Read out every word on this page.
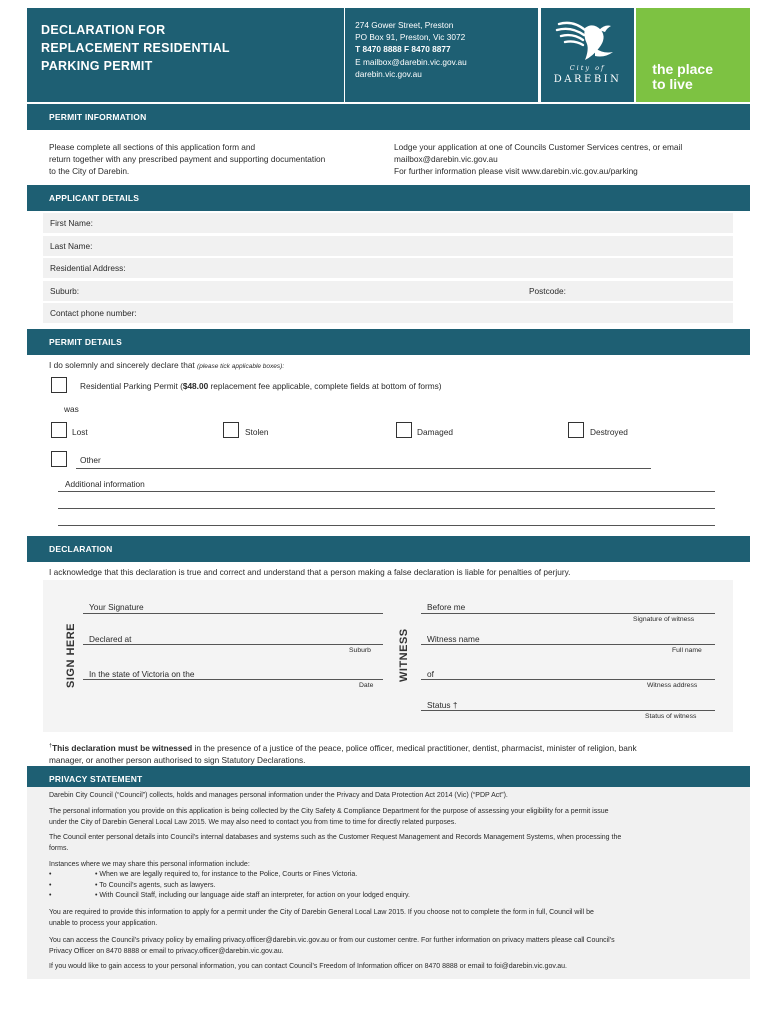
DECLARATION FOR
REPLACEMENT RESIDENTIAL
PARKING PERMIT
274 Gower Street, Preston
PO Box 91, Preston, Vic 3072
T 8470 8888 F 8470 8877
E mailbox@darebin.vic.gov.au
darebin.vic.gov.au
City of
DAREBIN
the place
to live
PERMIT INFORMATION
Please complete all sections of this application form and
return together with any prescribed payment and supporting documentation
to the City of Darebin.
Lodge your application at one of Councils Customer Services centres, or email
mailbox@darebin.vic.gov.au
For further information please visit www.darebin.vic.gov.au/parking
APPLICANT DETAILS
First Name:
Last Name:
Residential Address:
Suburb:	Postcode:
Contact phone number:
PERMIT DETAILS
I do solemnly and sincerely declare that (please tick applicable boxes):
Residential Parking Permit ($48.00 replacement fee applicable, complete fields at bottom of forms)
was
Lost	Stolen	Damaged	Destroyed
Other
Additional information
DECLARATION
I acknowledge that this declaration is true and correct and understand that a person making a false declaration is liable for penalties of perjury.
SIGN HERE	WITNESS
Your Signature
Declared at
Suburb
In the state of Victoria on the
Date
Before me
Signature of witness
Witness name
Full name
of
Witness address
Status †
Status of witness
†This declaration must be witnessed in the presence of a justice of the peace, police officer, medical practitioner, dentist, pharmacist, minister of religion, bank
manager, or another person authorised to sign Statutory Declarations.
PRIVACY STATEMENT
Darebin City Council (“Council”) collects, holds and manages personal information under the Privacy and Data Protection Act 2014 (Vic) (“PDP Act”).
The personal information you provide on this application is being collected by the City Safety & Compliance Department for the purpose of assessing your eligibility for a permit issue
under the City of Darebin General Local Law 2015. We may also need to contact you from time to time for directly related purposes.
The Council enter personal details into Council’s internal databases and systems such as the Customer Request Management and Records Management Systems, when processing the
forms.
Instances where we may share this personal information include:
•	• When we are legally required to, for instance to the Police, Courts or Fines Victoria.
•	• To Council’s agents, such as lawyers.
•	• With Council Staff, including our language aide staff an interpreter, for action on your lodged enquiry.
You are required to provide this information to apply for a permit under the City of Darebin General Local Law 2015. If you choose not to complete the form in full, Council will be
unable to process your application.
You can access the Council’s privacy policy by emailing privacy.officer@darebin.vic.gov.au or from our customer centre. For further information on privacy matters please call Council’s
Privacy Officer on 8470 8888 or email to privacy.officer@darebin.vic.gov.au.
If you would like to gain access to your personal information, you can contact Council’s Freedom of Information officer on 8470 8888 or email to foi@darebin.vic.gov.au.
